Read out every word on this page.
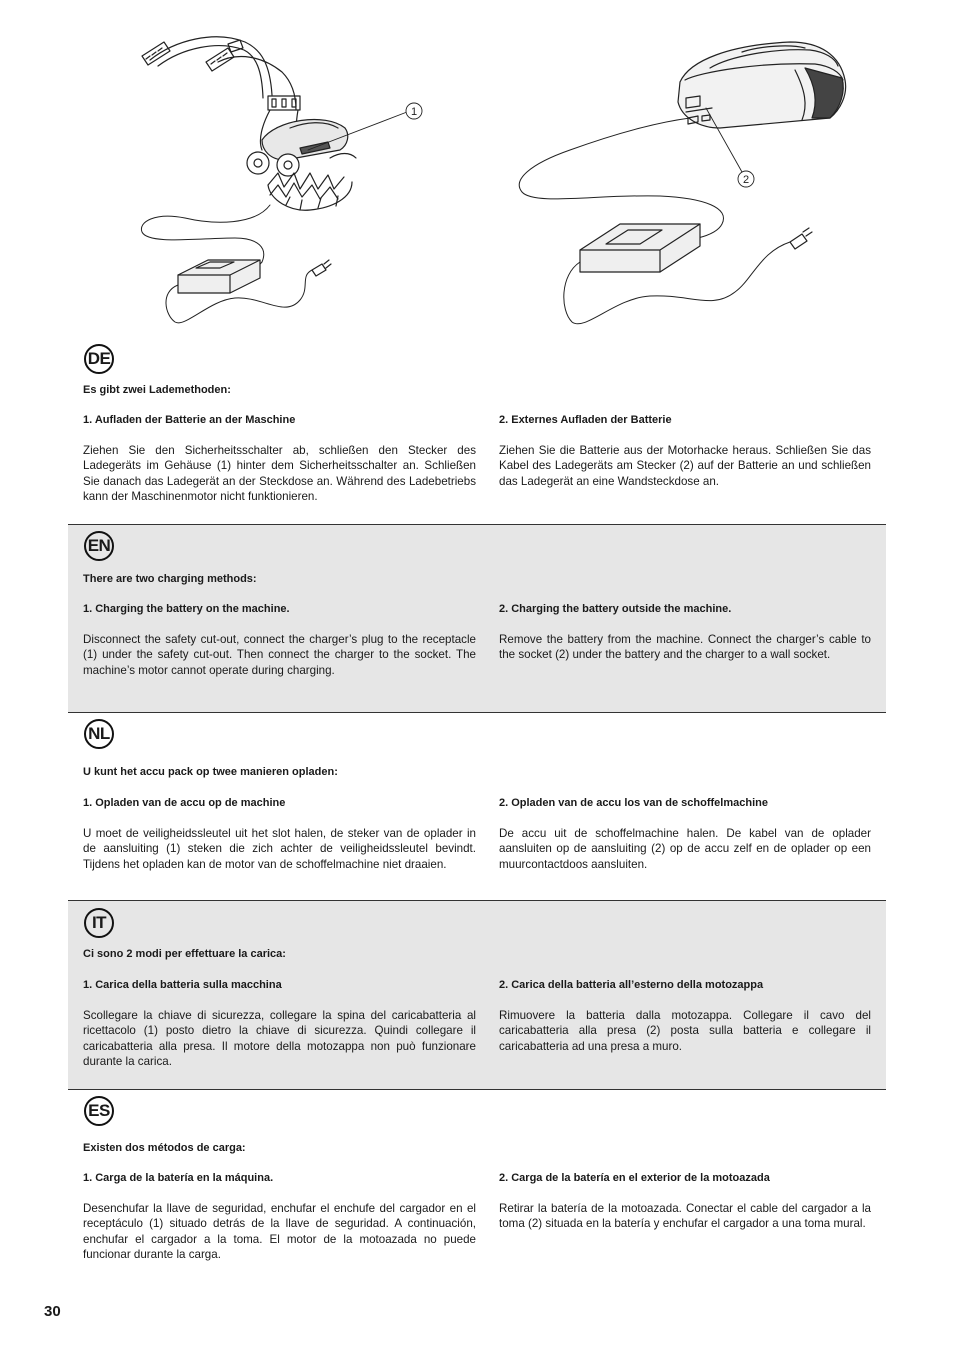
1
2
DE
Es gibt zwei Lademethoden:

1. Aufladen der Batterie an der Maschine

Ziehen Sie den Sicherheitsschalter ab, schließen den Stecker des Ladegeräts im Gehäuse (1) hinter dem Sicherheitsschalter an. Schließen Sie danach das Ladegerät an der Steckdose an. Während des Ladebetriebs kann der Maschinenmotor nicht funktionieren.

2. Externes Aufladen der Batterie

Ziehen Sie die Batterie aus der Motorhacke heraus. Schließen Sie das Kabel des Ladegeräts am Stecker (2) auf der Batterie an und schließen das Ladegerät an eine Wandsteckdose an.

EN
There are two charging methods:

1. Charging the battery on the machine.

Disconnect the safety cut-out, connect the charger’s plug to the receptacle (1) under the safety cut-out. Then connect the charger to the socket. The machine’s motor cannot operate during charging.

2. Charging the battery outside the machine.

Remove the battery from the machine. Connect the charger’s cable to the socket (2) under the battery and the charger to a wall socket.

NL
U kunt het accu pack op twee manieren opladen:

1. Opladen van de accu op de machine

U moet de veiligheidssleutel uit het slot halen, de steker van de oplader in de aansluiting (1) steken die zich achter de veiligheidssleutel bevindt. Tijdens het opladen kan de motor van de schoffelmachine niet draaien.

2. Opladen van de accu los van de schoffelmachine

De accu uit de schoffelmachine halen. De kabel van de oplader aansluiten op de aansluiting (2) op de accu zelf en de oplader op een muurcontactdoos aansluiten.

IT
Ci sono 2 modi per effettuare la carica:

1. Carica della batteria sulla macchina

Scollegare la chiave di sicurezza, collegare la spina del caricabatteria al ricettacolo (1) posto dietro la chiave di sicurezza. Quindi collegare il caricabatteria alla presa. Il motore della motozappa non può funzionare durante la carica.

2. Carica della batteria all’esterno della motozappa

Rimuovere la batteria dalla motozappa. Collegare il cavo del caricabatteria alla presa (2) posta sulla batteria e collegare il caricabatteria ad una presa a muro.

ES
Existen dos métodos de carga:

1. Carga de la batería en la máquina.

Desenchufar la llave de seguridad, enchufar el enchufe del cargador en el receptáculo (1) situado detrás de la llave de seguridad. A continuación, enchufar el cargador a la toma. El motor de la motoazada no puede funcionar durante la carga.

2. Carga de la batería en el exterior de la motoazada

Retirar la batería de la motoazada. Conectar el cable del cargador a la toma (2) situada en la batería y enchufar el cargador a una toma mural.

30
